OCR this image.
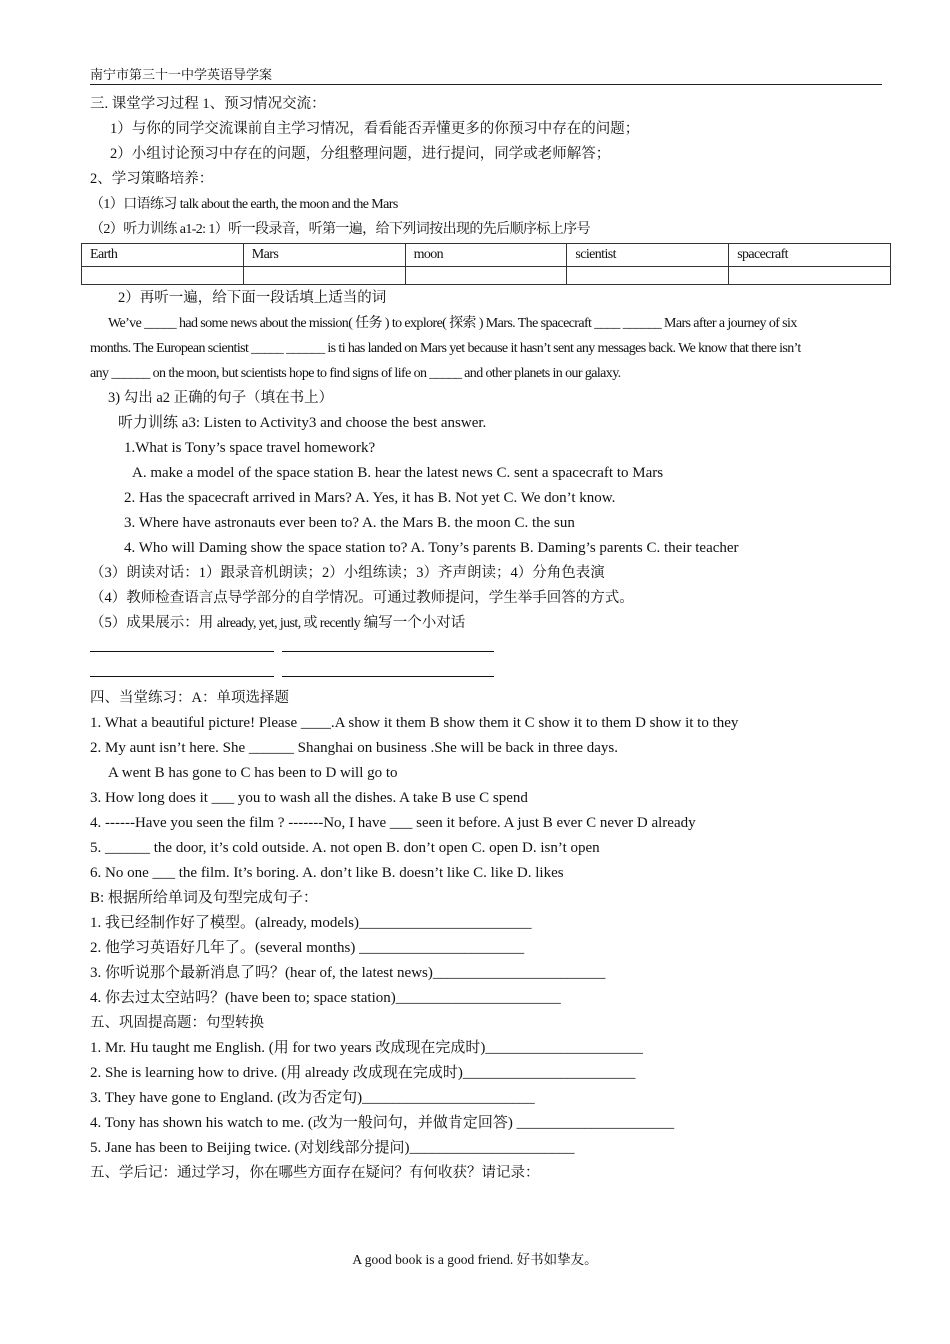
南宁市第三十一中学英语导学案
三. 课堂学习过程 1、预习情况交流：
1）与你的同学交流课前自主学习情况，看看能否弄懂更多的你预习中存在的问题；
2）小组讨论预习中存在的问题，分组整理问题，进行提问，同学或老师解答；
2、学习策略培养：
（1）口语练习 talk about the earth, the moon and the Mars
（2）听力训练 a1-2: 1）听一段录音，听第一遍，给下列词按出现的先后顺序标上序号
Earth	Mars	moon	scientist	spacecraft

2）再听一遍，给下面一段话填上适当的词
We’ve _____ had some news about the mission( 任务 ) to explore( 探索 ) Mars. The spacecraft ____ ______ Mars after a journey of six
months. The European scientist _____ ______ is ti has landed on Mars yet because it hasn’t sent any messages back. We know that there isn’t
any ______ on the moon, but scientists hope to find signs of life on _____ and other planets in our galaxy.
3) 勾出 a2 正确的句子（填在书上）
听力训练 a3: Listen to Activity3 and choose the best answer.
1.What is Tony’s space travel homework?
A. make a model of the space station B. hear the latest news C. sent a spacecraft to Mars
2. Has the spacecraft arrived in Mars? A. Yes, it has B. Not yet C. We don’t know.
3. Where have astronauts ever been to? A. the Mars B. the moon C. the sun
4. Who will Daming show the space station to? A. Tony’s parents B. Daming’s parents C. their teacher
（3）朗读对话：1）跟录音机朗读；2）小组练读；3）齐声朗读；4）分角色表演
（4）教师检查语言点导学部分的自学情况。可通过教师提问，学生举手回答的方式。
（5）成果展示：用 already, yet, just, 或 recently 编写一个小对话
四、当堂练习：A：单项选择题
1. What a beautiful picture! Please ____.A show it them B show them it C show it to them D show it to they
2. My aunt isn’t here. She ______ Shanghai on business .She will be back in three days.
A went B has gone to C has been to D will go to
3. How long does it ___ you to wash all the dishes. A take B use C spend
4. ------Have you seen the film ? -------No, I have ___ seen it before. A just B ever C never D already
5. ______ the door, it’s cold outside. A. not open B. don’t open C. open D. isn’t open
6. No one ___ the film. It’s boring. A. don’t like B. doesn’t like C. like D. likes
B: 根据所给单词及句型完成句子：
1. 我已经制作好了模型。(already, models)_______________________
2. 他学习英语好几年了。(several months) ______________________
3. 你听说那个最新消息了吗？(hear of, the latest news)_______________________
4. 你去过太空站吗？(have been to; space station)______________________
五、巩固提高题：句型转换
1. Mr. Hu taught me English. (用 for two years 改成现在完成时)_____________________
2. She is learning how to drive. (用 already 改成现在完成时)_______________________
3. They have gone to England. (改为否定句)_______________________
4. Tony has shown his watch to me. (改为一般问句，并做肯定回答) _____________________
5. Jane has been to Beijing twice. (对划线部分提问)______________________
五、学后记：通过学习，你在哪些方面存在疑问？有何收获？请记录：
A good book is a good friend. 好书如挚友。
